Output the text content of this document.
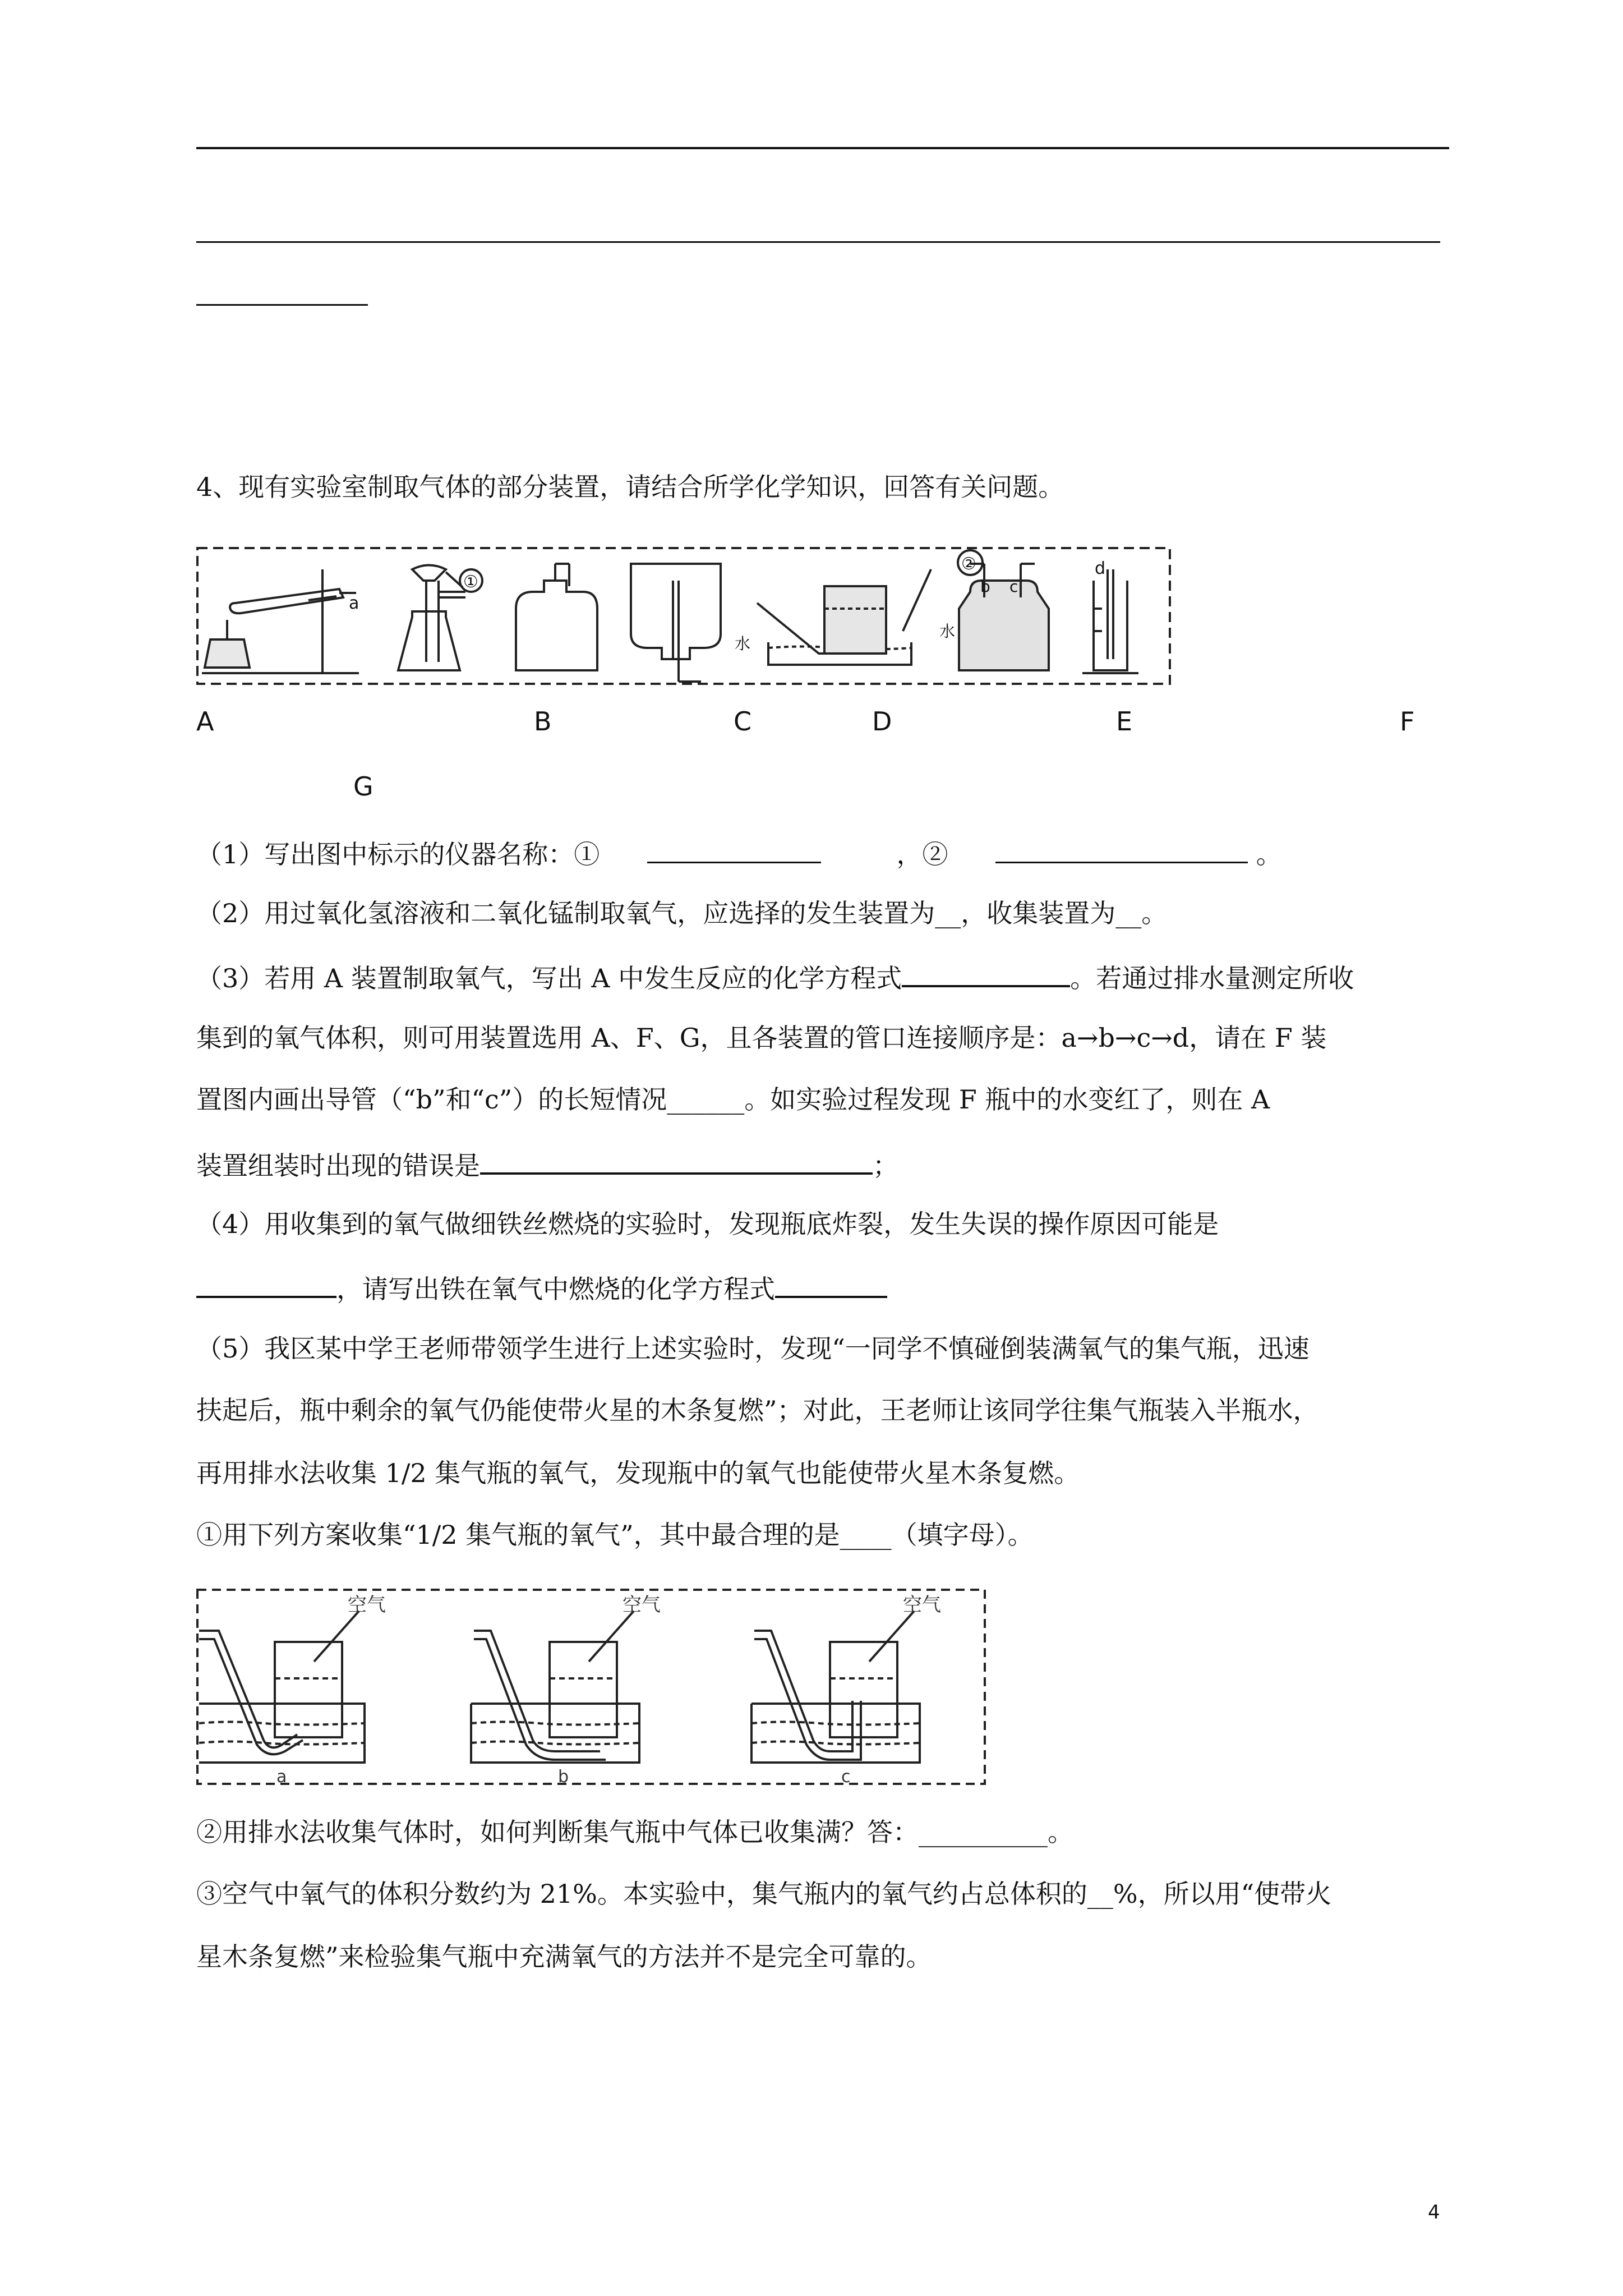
4、现有实验室制取气体的部分装置，请结合所学化学知识，回答有关问题。
a
①
水
②
b c
水
d
A	B	C	D	E	F
G
（1）写出图中标示的仪器名称：①	，②	。
（2）用过氧化氢溶液和二氧化锰制取氧气，应选择的发生装置为__，收集装置为__。
（3）若用 A 装置制取氧气，写出 A 中发生反应的化学方程式	。若通过排水量测定所收
集到的氧气体积，则可用装置选用 A、F、G，且各装置的管口连接顺序是：a→b→c→d，请在 F 装
置图内画出导管（“b”和“c”）的长短情况______。如实验过程发现 F 瓶中的水变红了，则在 A
装置组装时出现的错误是	；
（4）用收集到的氧气做细铁丝燃烧的实验时，发现瓶底炸裂，发生失误的操作原因可能是
，请写出铁在氧气中燃烧的化学方程式
（5）我区某中学王老师带领学生进行上述实验时，发现“一同学不慎碰倒装满氧气的集气瓶，迅速
扶起后，瓶中剩余的氧气仍能使带火星的木条复燃”；对此，王老师让该同学往集气瓶装入半瓶水，
再用排水法收集 1/2 集气瓶的氧气，发现瓶中的氧气也能使带火星木条复燃。
①用下列方案收集“1/2 集气瓶的氧气”，其中最合理的是____（填字母）。
空气
a
空气
b
空气
c
②用排水法收集气体时，如何判断集气瓶中气体已收集满？答：__________。
③空气中氧气的体积分数约为 21%。本实验中，集气瓶内的氧气约占总体积的__%，所以用“使带火
星木条复燃”来检验集气瓶中充满氧气的方法并不是完全可靠的。
4
